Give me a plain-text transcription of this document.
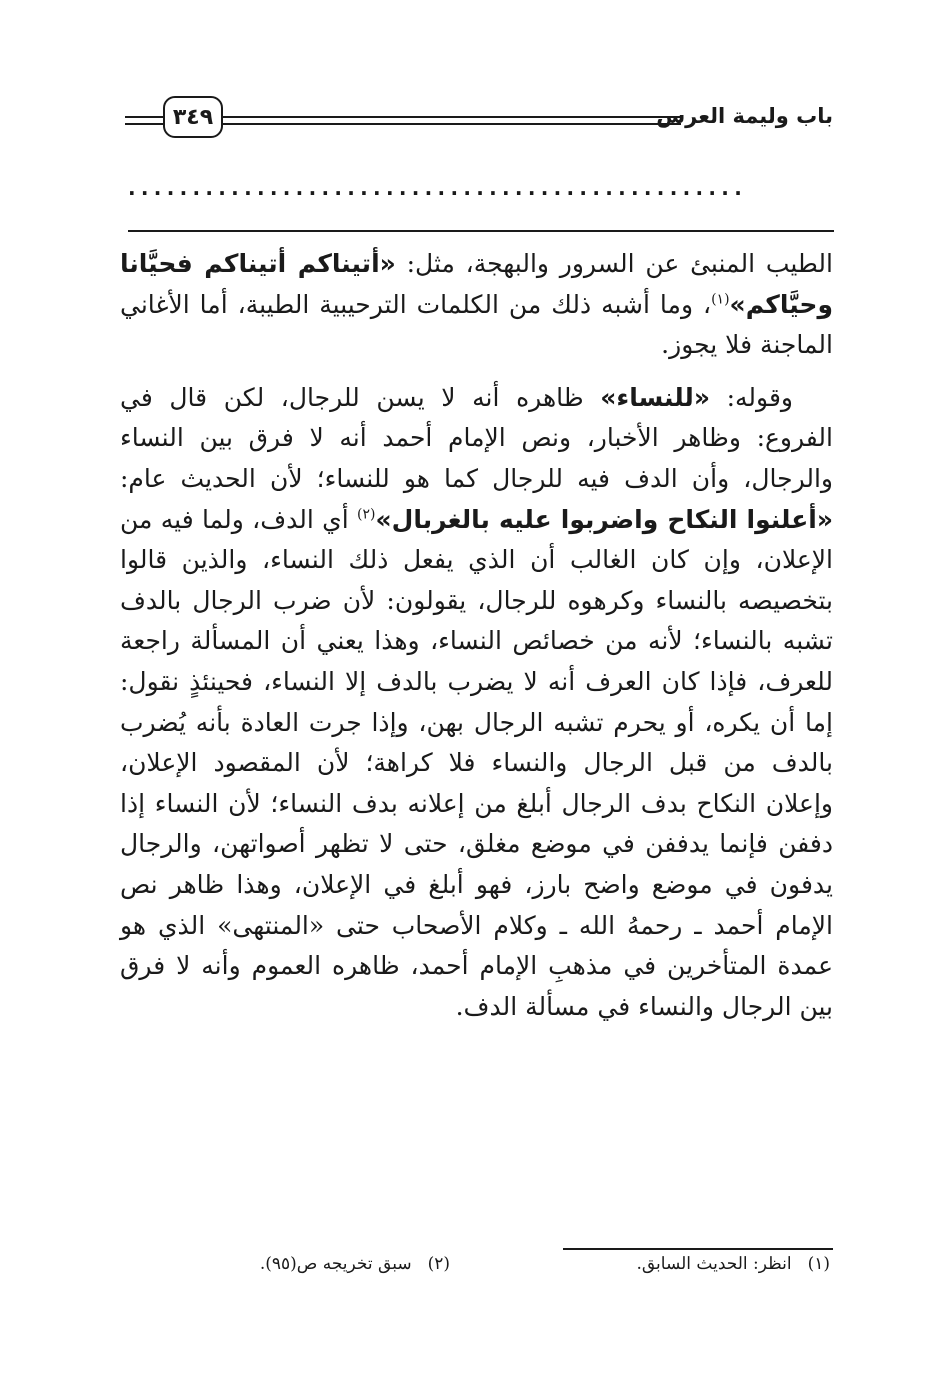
٣٤٩	باب وليمة العرس
................................................

الطيب المنبئ عن السرور والبهجة، مثل: «أتيناكم أتيناكم فحيَّانا وحيَّاكم»$^{(١)}$، وما أشبه ذلك من الكلمات الترحيبية الطيبة، أما الأغاني الماجنة فلا يجوز.

وقوله: «للنساء» ظاهره أنه لا يسن للرجال، لكن قال في الفروع: وظاهر الأخبار، ونص الإمام أحمد أنه لا فرق بين النساء والرجال، وأن الدف فيه للرجال كما هو للنساء؛ لأن الحديث عام: «أعلنوا النكاح واضربوا عليه بالغربال»$^{(٢)}$ أي الدف، ولما فيه من الإعلان، وإن كان الغالب أن الذي يفعل ذلك النساء، والذين قالوا بتخصيصه بالنساء وكرهوه للرجال، يقولون: لأن ضرب الرجال بالدف تشبه بالنساء؛ لأنه من خصائص النساء، وهذا يعني أن المسألة راجعة للعرف، فإذا كان العرف أنه لا يضرب بالدف إلا النساء، فحينئذٍ نقول: إما أن يكره، أو يحرم تشبه الرجال بهن، وإذا جرت العادة بأنه يُضرب بالدف من قبل الرجال والنساء فلا كراهة؛ لأن المقصود الإعلان، وإعلان النكاح بدف الرجال أبلغ من إعلانه بدف النساء؛ لأن النساء إذا دففن فإنما يدففن في موضع مغلق، حتى لا تظهر أصواتهن، والرجال يدفون في موضع واضح بارز، فهو أبلغ في الإعلان، وهذا ظاهر نص الإمام أحمد ـ رحمهُ الله ـ وكلام الأصحاب حتى «المنتهى» الذي هو عمدة المتأخرين في مذهبِ الإمام أحمد، ظاهره العموم وأنه لا فرق بين الرجال والنساء في مسألة الدف.

(١)انظر: الحديث السابق.
(٢)سبق تخريجه ص(٩٥).
